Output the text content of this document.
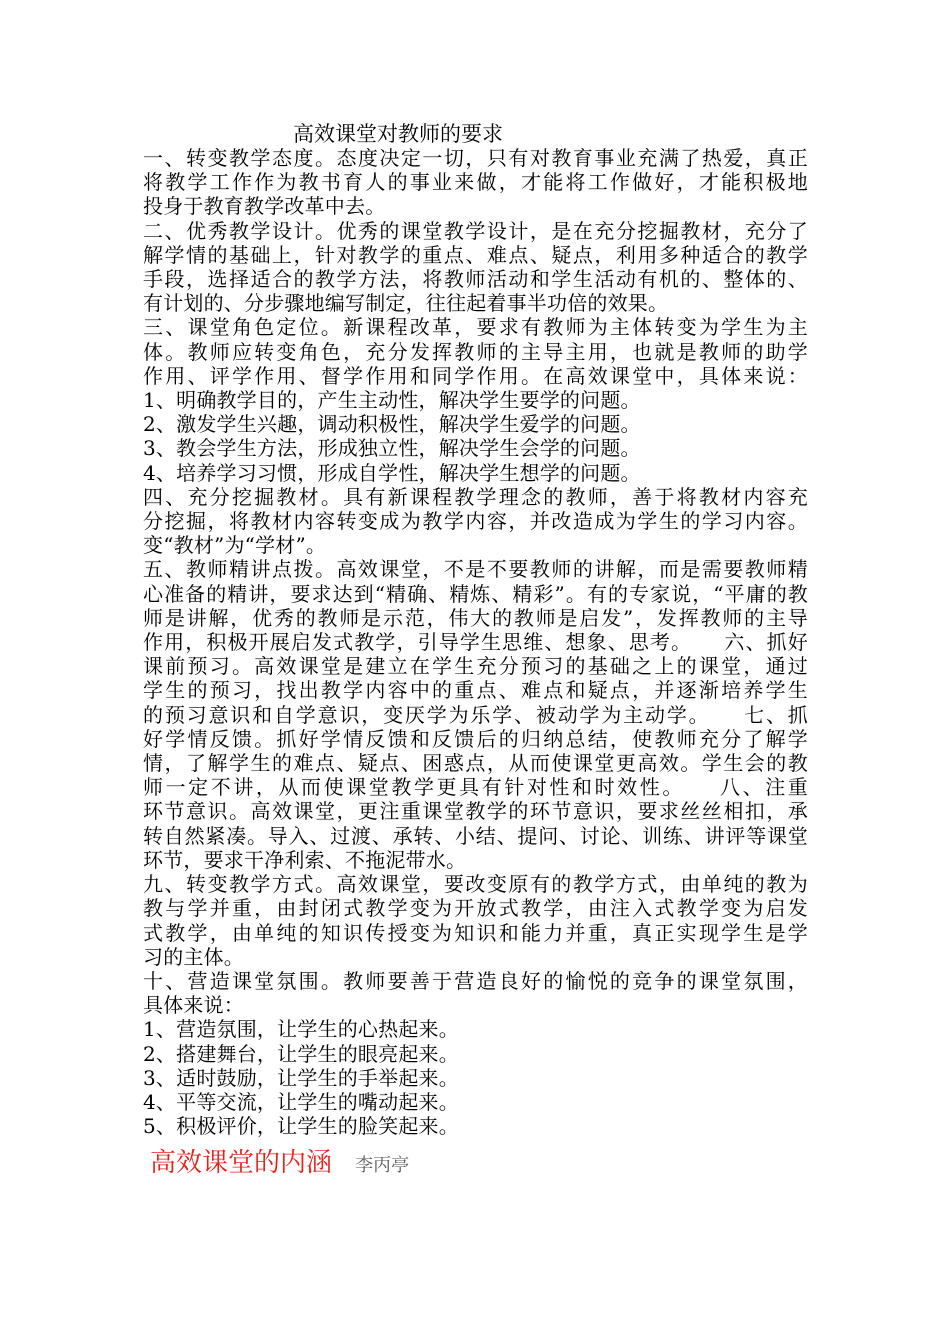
高效课堂对教师的要求
一、转变教学态度。态度决定一切，只有对教育事业充满了热爱，真正
将教学工作作为教书育人的事业来做，才能将工作做好，才能积极地
投身于教育教学改革中去。
二、优秀教学设计。优秀的课堂教学设计，是在充分挖掘教材，充分了
解学情的基础上，针对教学的重点、难点、疑点，利用多种适合的教学
手段，选择适合的教学方法，将教师活动和学生活动有机的、整体的、
有计划的、分步骤地编写制定，往往起着事半功倍的效果。
三、课堂角色定位。新课程改革，要求有教师为主体转变为学生为主
体。教师应转变角色，充分发挥教师的主导主用，也就是教师的助学
作用、评学作用、督学作用和同学作用。在高效课堂中，具体来说：
1、明确教学目的，产生主动性，解决学生要学的问题。
2、激发学生兴趣，调动积极性，解决学生爱学的问题。
3、教会学生方法，形成独立性，解决学生会学的问题。
4、培养学习习惯，形成自学性，解决学生想学的问题。
四、充分挖掘教材。具有新课程教学理念的教师，善于将教材内容充
分挖掘，将教材内容转变成为教学内容，并改造成为学生的学习内容。
变“教材”为“学材”。
五、教师精讲点拨。高效课堂，不是不要教师的讲解，而是需要教师精
心准备的精讲，要求达到“精确、精炼、精彩”。有的专家说，“平庸的教
师是讲解，优秀的教师是示范，伟大的教师是启发”，发挥教师的主导
作用，积极开展启发式教学，引导学生思维、想象、思考。　　六、抓好
课前预习。高效课堂是建立在学生充分预习的基础之上的课堂，通过
学生的预习，找出教学内容中的重点、难点和疑点，并逐渐培养学生
的预习意识和自学意识，变厌学为乐学、被动学为主动学。　　七、抓
好学情反馈。抓好学情反馈和反馈后的归纳总结，使教师充分了解学
情，了解学生的难点、疑点、困惑点，从而使课堂更高效。学生会的教
师一定不讲，从而使课堂教学更具有针对性和时效性。　　八、注重
环节意识。高效课堂，更注重课堂教学的环节意识，要求丝丝相扣，承
转自然紧凑。导入、过渡、承转、小结、提问、讨论、训练、讲评等课堂
环节，要求干净利索、不拖泥带水。
九、转变教学方式。高效课堂，要改变原有的教学方式，由单纯的教为
教与学并重，由封闭式教学变为开放式教学，由注入式教学变为启发
式教学，由单纯的知识传授变为知识和能力并重，真正实现学生是学
习的主体。
十、营造课堂氛围。教师要善于营造良好的愉悦的竞争的课堂氛围，
具体来说：
1、营造氛围，让学生的心热起来。
2、搭建舞台，让学生的眼亮起来。
3、适时鼓励，让学生的手举起来。
4、平等交流，让学生的嘴动起来。
5、积极评价，让学生的脸笑起来。
高效课堂的内涵 李丙亭
